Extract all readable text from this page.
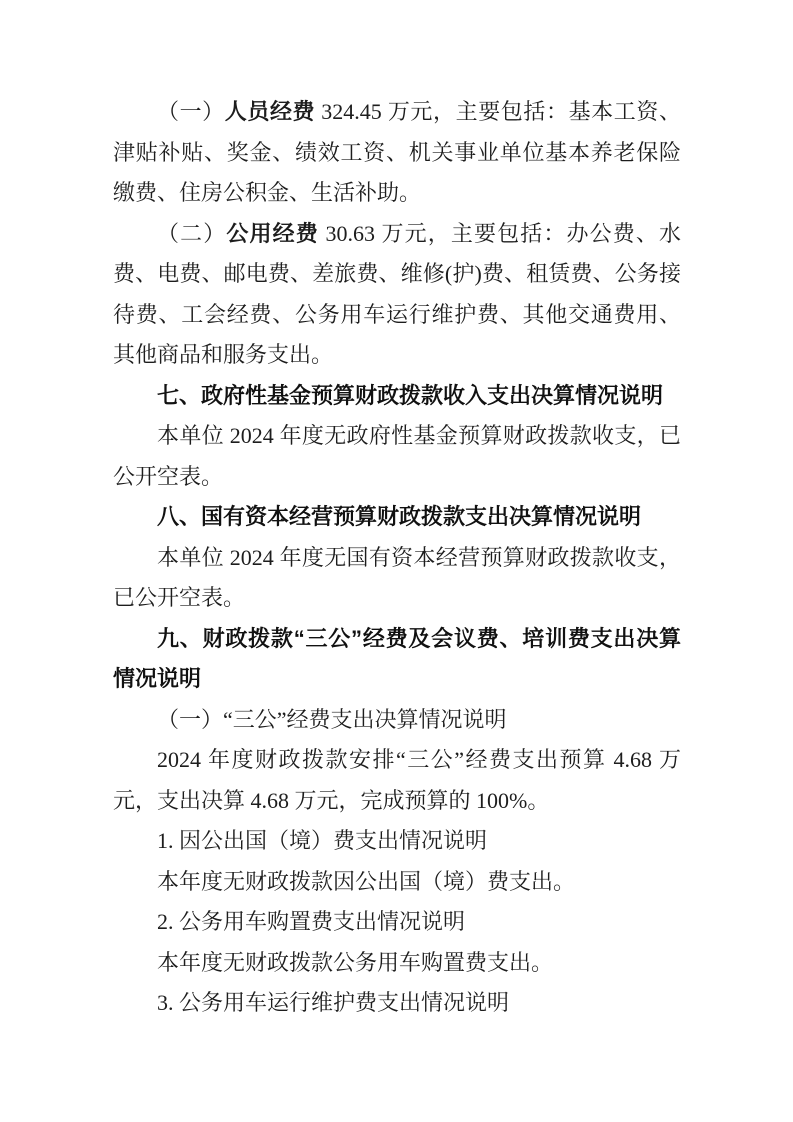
（一）人员经费 324.45 万元，主要包括：基本工资、津贴补贴、奖金、绩效工资、机关事业单位基本养老保险缴费、住房公积金、生活补助。

（二）公用经费 30.63 万元，主要包括：办公费、水费、电费、邮电费、差旅费、维修(护)费、租赁费、公务接待费、工会经费、公务用车运行维护费、其他交通费用、其他商品和服务支出。

七、政府性基金预算财政拨款收入支出决算情况说明

本单位 2024 年度无政府性基金预算财政拨款收支，已公开空表。

八、国有资本经营预算财政拨款支出决算情况说明

本单位 2024 年度无国有资本经营预算财政拨款收支，已公开空表。

九、财政拨款“三公”经费及会议费、培训费支出决算情况说明

（一）“三公”经费支出决算情况说明

2024 年度财政拨款安排“三公”经费支出预算 4.68 万元，支出决算 4.68 万元，完成预算的 100%。

1. 因公出国（境）费支出情况说明

本年度无财政拨款因公出国（境）费支出。

2. 公务用车购置费支出情况说明

本年度无财政拨款公务用车购置费支出。

3. 公务用车运行维护费支出情况说明
